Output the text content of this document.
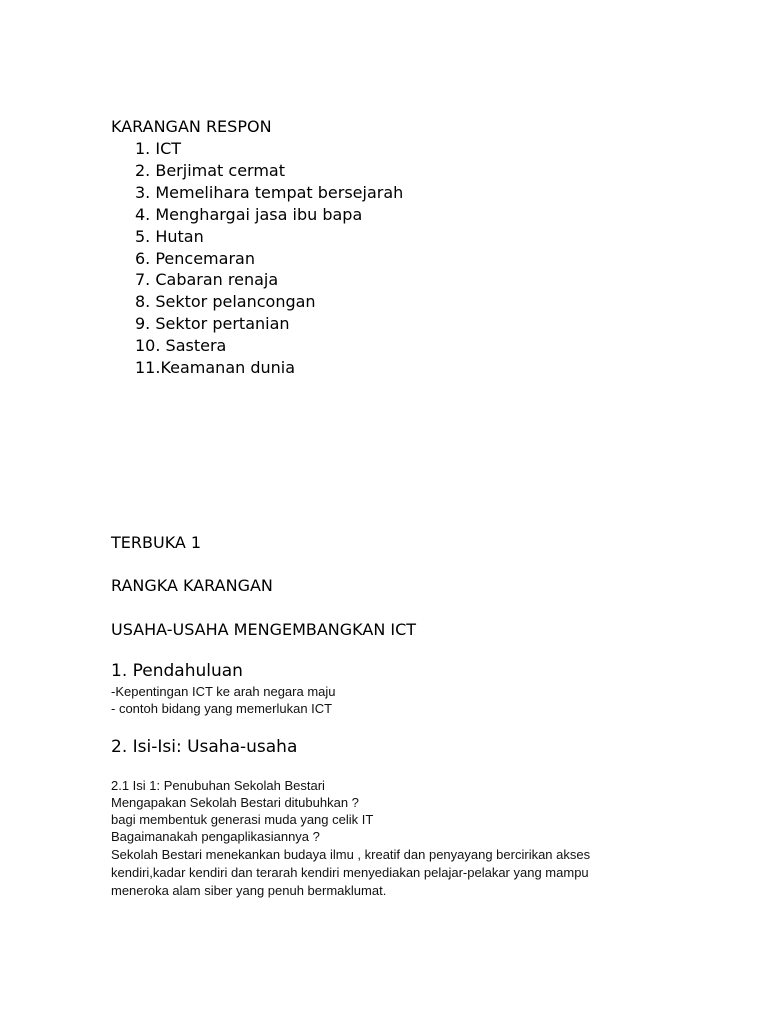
KARANGAN RESPON
1. ICT
2. Berjimat cermat
3. Memelihara tempat bersejarah
4. Menghargai jasa ibu bapa
5. Hutan
6. Pencemaran
7. Cabaran renaja
8. Sektor pelancongan
9. Sektor pertanian
10. Sastera
11.Keamanan dunia
TERBUKA 1
RANGKA KARANGAN
USAHA-USAHA MENGEMBANGKAN ICT
1. Pendahuluan
-Kepentingan ICT ke arah negara maju
- contoh bidang yang memerlukan ICT
2. Isi-Isi: Usaha-usaha
2.1 Isi 1: Penubuhan Sekolah Bestari
Mengapakan Sekolah Bestari ditubuhkan ?
bagi membentuk generasi muda yang celik IT
Bagaimanakah pengaplikasiannya ?
Sekolah Bestari menekankan budaya ilmu , kreatif dan penyayang bercirikan akses
kendiri,kadar kendiri dan terarah kendiri menyediakan pelajar-pelakar yang mampu
meneroka alam siber yang penuh bermaklumat.
